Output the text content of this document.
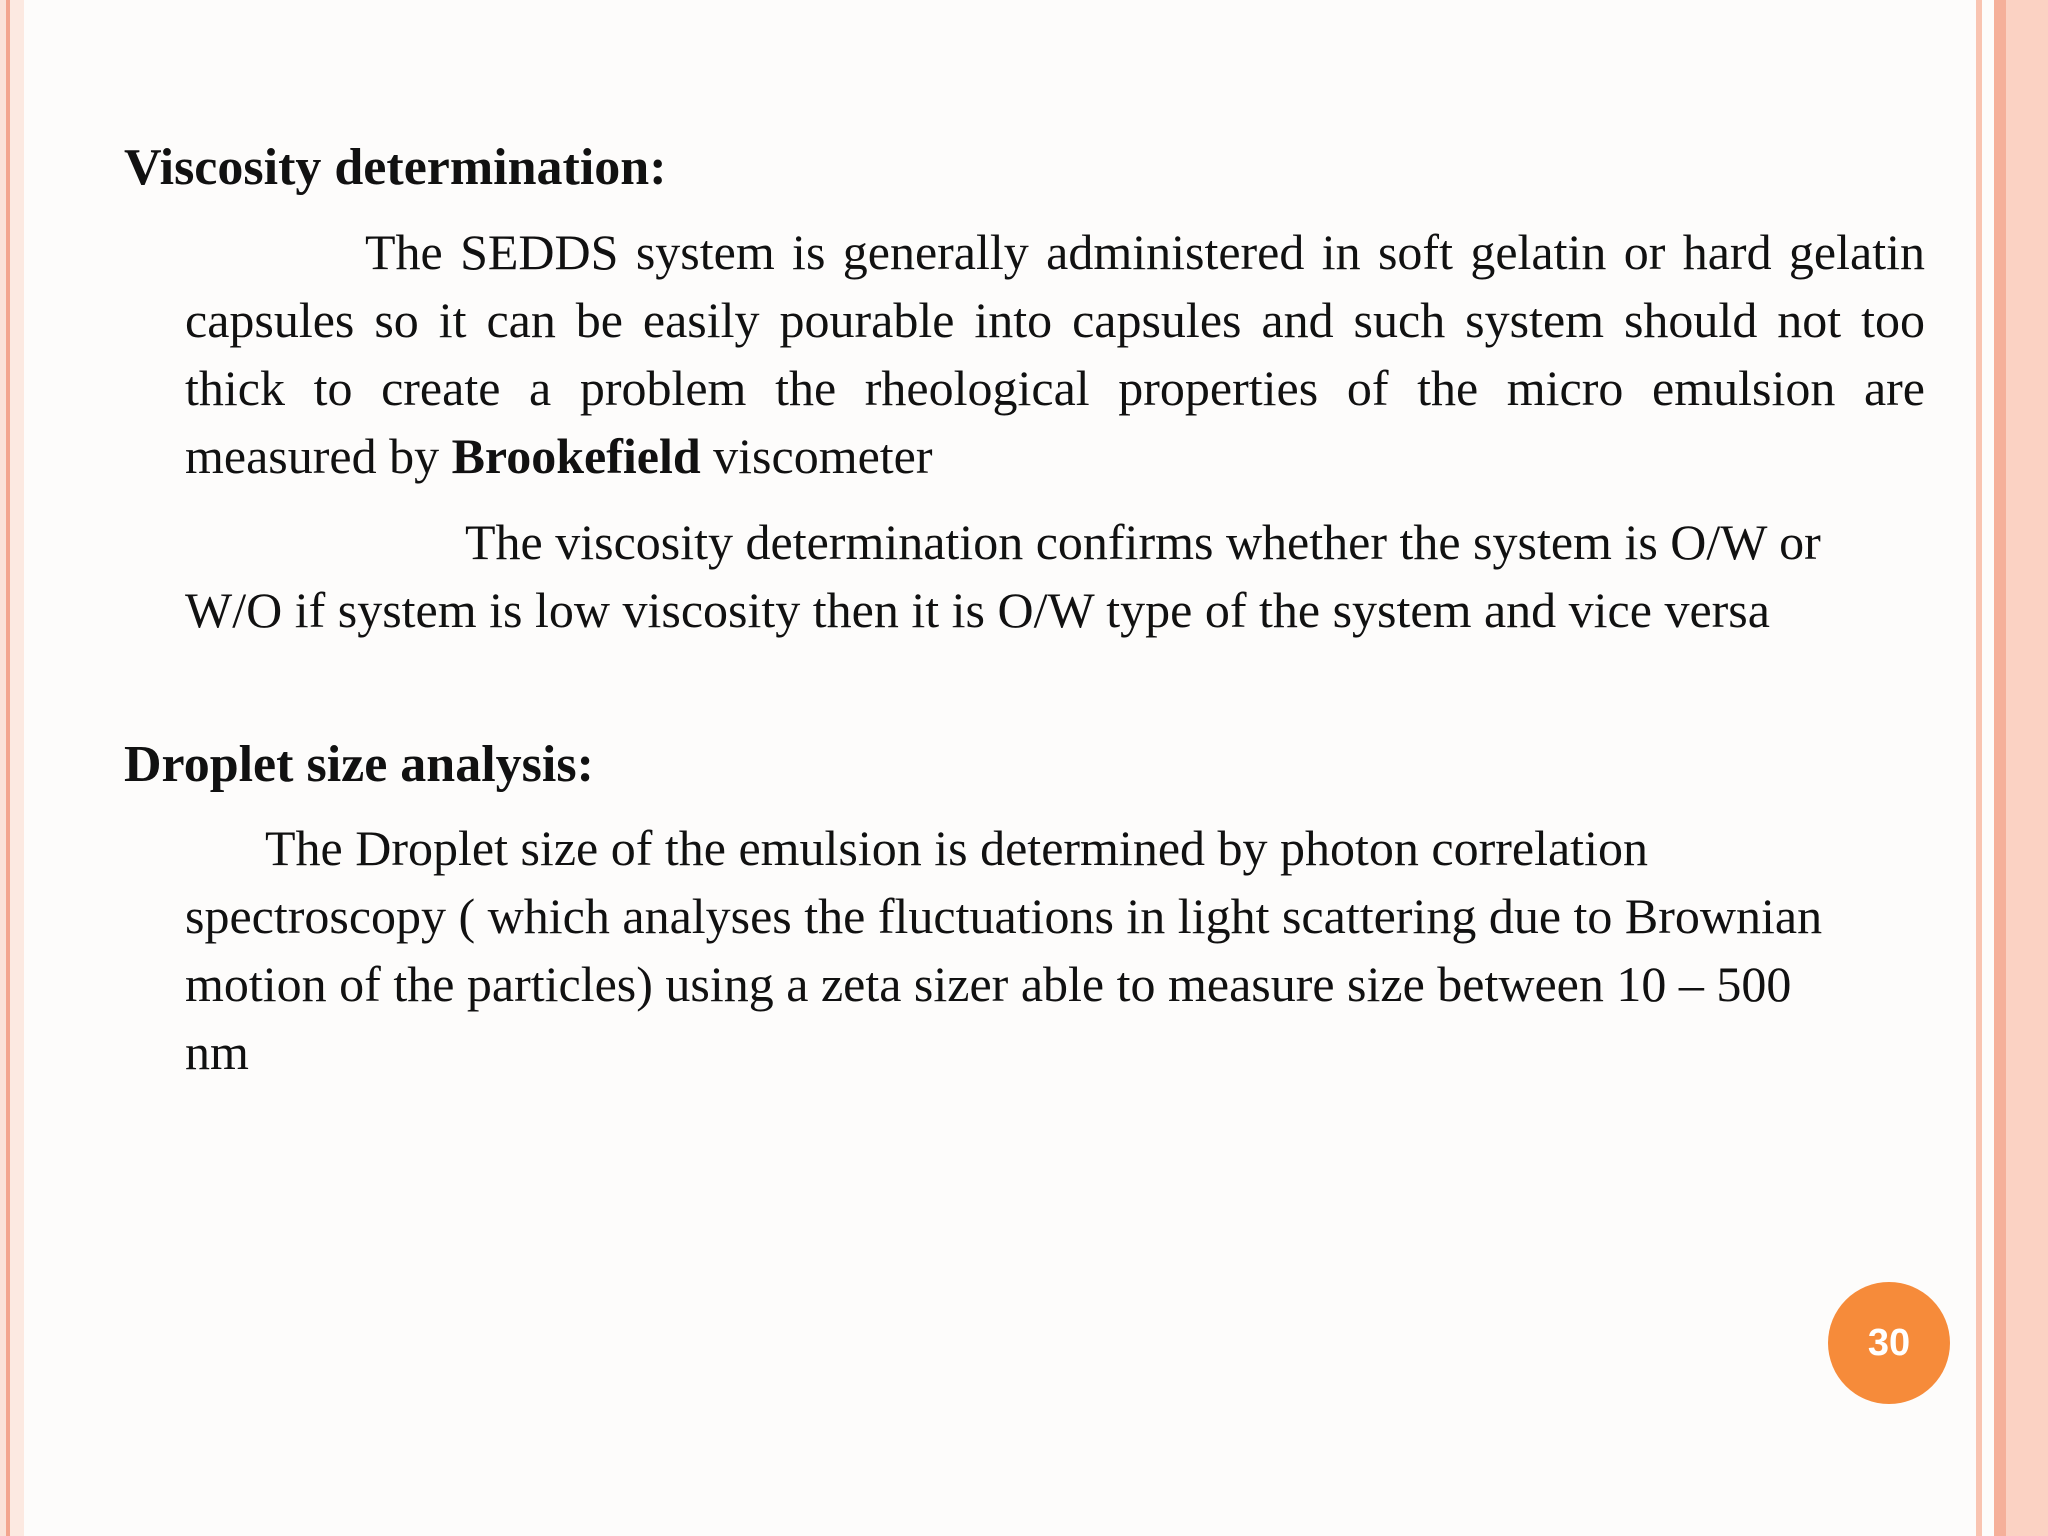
Viscosity determination:

The SEDDS system is generally administered in soft gelatin or hard gelatin capsules so it can be easily pourable into capsules and such system should not too thick to create a problem the rheological properties of the micro emulsion are measured by Brookefield viscometer

The viscosity determination confirms whether the system is O/W or W/O if system is low viscosity then it is O/W type of the system and vice versa

Droplet size analysis:

The Droplet size of the emulsion is determined by photon correlation spectroscopy ( which analyses the fluctuations in light scattering due to Brownian motion of the particles) using a zeta sizer able to measure size between 10 – 500 nm

30
